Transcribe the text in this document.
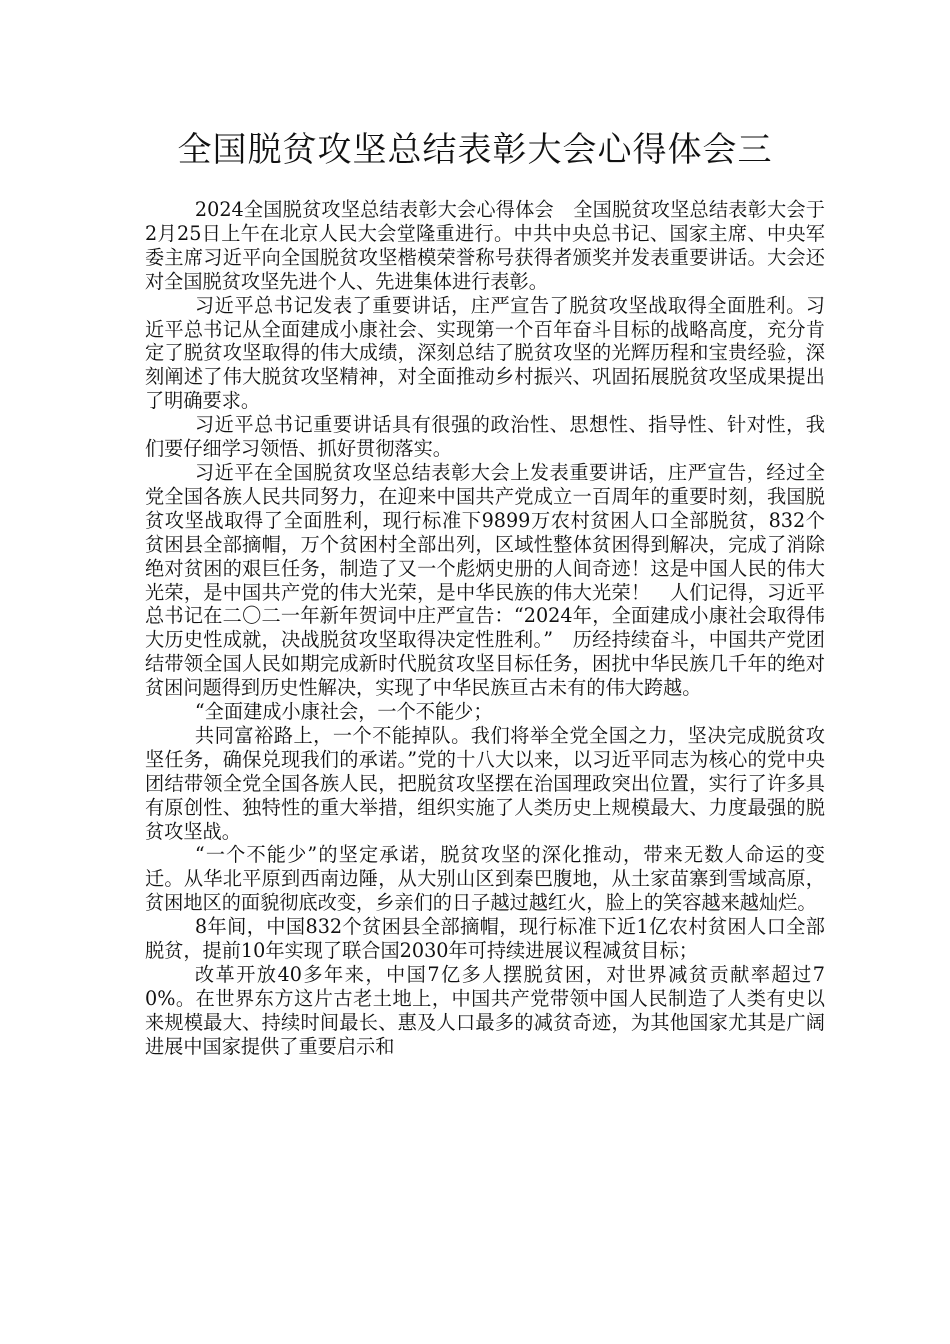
全国脱贫攻坚总结表彰大会心得体会三

2024全国脱贫攻坚总结表彰大会心得体会　全国脱贫攻坚总结表彰大会于2月25日上午在北京人民大会堂隆重进行。中共中央总书记、国家主席、中央军委主席习近平向全国脱贫攻坚楷模荣誉称号获得者颁奖并发表重要讲话。大会还对全国脱贫攻坚先进个人、先进集体进行表彰。

习近平总书记发表了重要讲话，庄严宣告了脱贫攻坚战取得全面胜利。习近平总书记从全面建成小康社会、实现第一个百年奋斗目标的战略高度，充分肯定了脱贫攻坚取得的伟大成绩，深刻总结了脱贫攻坚的光辉历程和宝贵经验，深刻阐述了伟大脱贫攻坚精神，对全面推动乡村振兴、巩固拓展脱贫攻坚成果提出了明确要求。

习近平总书记重要讲话具有很强的政治性、思想性、指导性、针对性，我们要仔细学习领悟、抓好贯彻落实。

习近平在全国脱贫攻坚总结表彰大会上发表重要讲话，庄严宣告，经过全党全国各族人民共同努力，在迎来中国共产党成立一百周年的重要时刻，我国脱贫攻坚战取得了全面胜利，现行标准下9899万农村贫困人口全部脱贫，832个贫困县全部摘帽，万个贫困村全部出列，区域性整体贫困得到解决，完成了消除绝对贫困的艰巨任务，制造了又一个彪炳史册的人间奇迹！这是中国人民的伟大光荣，是中国共产党的伟大光荣，是中华民族的伟大光荣！　人们记得，习近平总书记在二〇二一年新年贺词中庄严宣告：“2024年，全面建成小康社会取得伟大历史性成就，决战脱贫攻坚取得决定性胜利。”　历经持续奋斗，中国共产党团结带领全国人民如期完成新时代脱贫攻坚目标任务，困扰中华民族几千年的绝对贫困问题得到历史性解决，实现了中华民族亘古未有的伟大跨越。

“全面建成小康社会，一个不能少；

共同富裕路上，一个不能掉队。我们将举全党全国之力，坚决完成脱贫攻坚任务，确保兑现我们的承诺。”党的十八大以来，以习近平同志为核心的党中央团结带领全党全国各族人民，把脱贫攻坚摆在治国理政突出位置，实行了许多具有原创性、独特性的重大举措，组织实施了人类历史上规模最大、力度最强的脱贫攻坚战。

“一个不能少”的坚定承诺，脱贫攻坚的深化推动，带来无数人命运的变迁。从华北平原到西南边陲，从大别山区到秦巴腹地，从土家苗寨到雪域高原，贫困地区的面貌彻底改变，乡亲们的日子越过越红火，脸上的笑容越来越灿烂。

8年间，中国832个贫困县全部摘帽，现行标准下近1亿农村贫困人口全部脱贫，提前10年实现了联合国2030年可持续进展议程减贫目标；

改革开放40多年来，中国7亿多人摆脱贫困，对世界减贫贡献率超过70%。在世界东方这片古老土地上，中国共产党带领中国人民制造了人类有史以来规模最大、持续时间最长、惠及人口最多的减贫奇迹，为其他国家尤其是广阔进展中国家提供了重要启示和
